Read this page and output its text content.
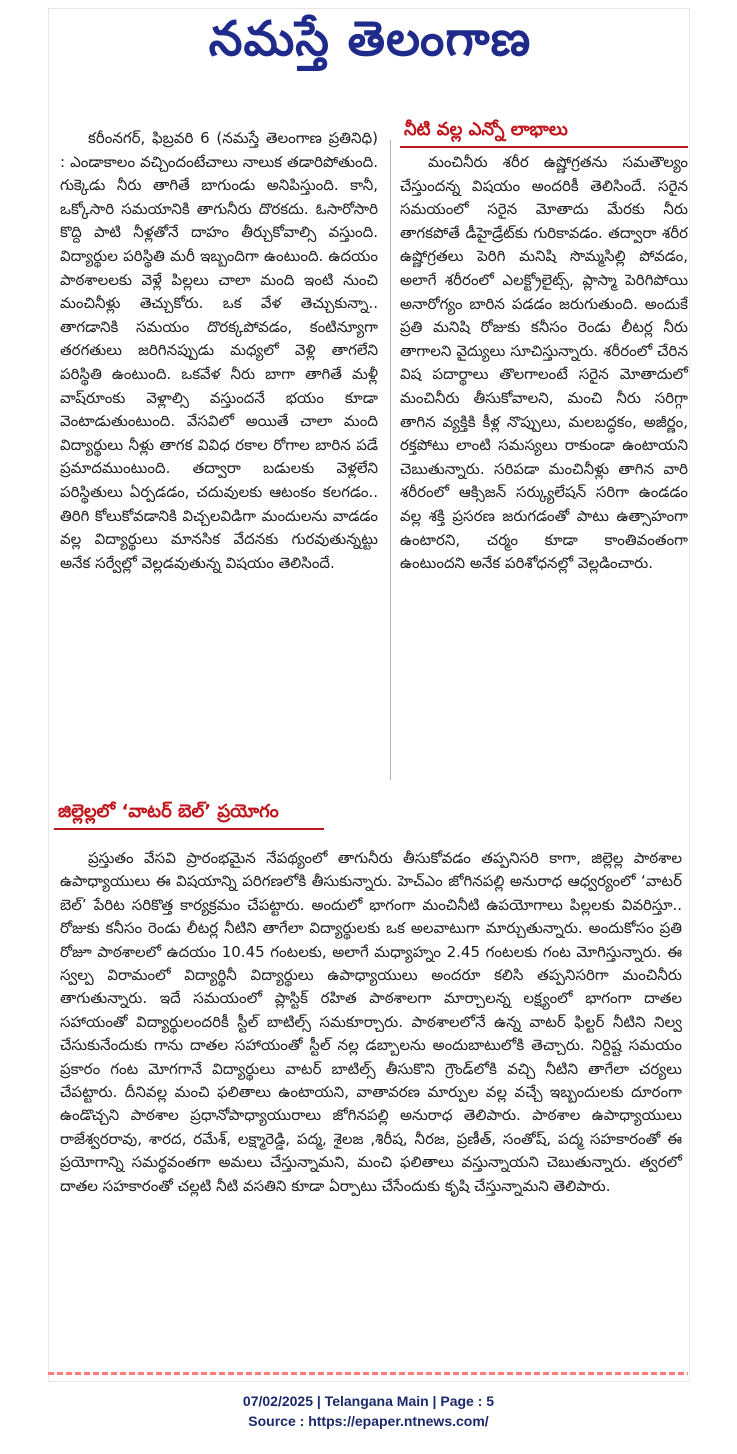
నమస్తే తెలంగాణ
కరీంనగర్, ఫిబ్రవరి 6 (నమస్తే తెలంగాణ ప్రతినిధి) : ఎండాకాలం వచ్చిందంటేచాలు నాలుక తడారిపోతుంది. గుక్కెడు నీరు తాగితే బాగుండు అనిపిస్తుంది. కానీ, ఒక్కోసారి సమయానికి తాగునీరు దొరకదు. ఓసారోసారి కొద్ది పాటి నీళ్లతోనే దాహం తీర్చుకోవాల్సి వస్తుంది. విద్యార్థుల పరిస్థితి మరీ ఇబ్బందిగా ఉంటుంది. ఉదయం పాఠశాలలకు వెళ్లే పిల్లలు చాలా మంది ఇంటి నుంచి మంచినీళ్లు తెచ్చుకోరు. ఒక వేళ తెచ్చుకున్నా.. తాగడానికి సమయం దొరక్కపోవడం, కంటిన్యూగా తరగతులు జరిగినప్పుడు మధ్యలో వెళ్లి తాగలేని పరిస్థితి ఉంటుంది. ఒకవేళ నీరు బాగా తాగితే మళ్లీ వాష్‌రూంకు వెళ్లాల్సి వస్తుందనే భయం కూడా వెంటాడుతుంటుంది. వేసవిలో అయితే చాలా మంది విద్యార్థులు నీళ్లు తాగక వివిధ రకాల రోగాల బారిన పడే ప్రమాదముంటుంది. తద్వారా బడులకు వెళ్లలేని పరిస్థితులు ఏర్పడడం, చదువులకు ఆటంకం కలగడం.. తిరిగి కోలుకోవడానికి విచ్చలవిడిగా మందులను వాడడం వల్ల విద్యార్థులు మానసిక వేదనకు గురవుతున్నట్టు అనేక సర్వేల్లో వెల్లడవుతున్న విషయం తెలిసిందే.
నీటి వల్ల ఎన్నో లాభాలు
మంచినీరు శరీర ఉష్ణోగ్రతను సమతౌల్యం చేస్తుందన్న విషయం అందరికీ తెలిసిందే. సరైన సమయంలో సరైన మోతాదు మేరకు నీరు తాగకపోతే డీహైడ్రేట్‌కు గురికావడం. తద్వారా శరీర ఉష్ణోగ్రతలు పెరిగి మనిషి సొమ్మసిల్లి పోవడం, అలాగే శరీరంలో ఎలక్ట్రోలైట్స్, ప్లాస్మా పెరిగిపోయి అనారోగ్యం బారిన పడడం జరుగుతుంది. అందుకే ప్రతి మనిషి రోజుకు కనీసం రెండు లీటర్ల నీరు తాగాలని వైద్యులు సూచిస్తున్నారు. శరీరంలో చేరిన విష పదార్థాలు తొలగాలంటే సరైన మోతాదులో మంచినీరు తీసుకోవాలని, మంచి నీరు సరిగ్గా తాగిన వ్యక్తికి కీళ్ల నొప్పులు, మలబద్ధకం, అజీర్ణం, రక్తపోటు లాంటి సమస్యలు రాకుండా ఉంటాయని చెబుతున్నారు. సరిపడా మంచినీళ్లు తాగిన వారి శరీరంలో ఆక్సిజన్ సర్క్యులేషన్ సరిగా ఉండడం వల్ల శక్తి ప్రసరణ జరుగడంతో పాటు ఉత్సాహంగా ఉంటారని, చర్మం కూడా కాంతివంతంగా ఉంటుందని అనేక పరిశోధనల్లో వెల్లడించారు.
జిల్లెల్లలో ‘వాటర్ బెల్’ ప్రయోగం
ప్రస్తుతం వేసవి ప్రారంభమైన నేపథ్యంలో తాగునీరు తీసుకోవడం తప్పనిసరి కాగా, జిల్లెల్ల పాఠశాల ఉపాధ్యాయులు ఈ విషయాన్ని పరిగణలోకి తీసుకున్నారు. హెచ్‌ఎం జోగినపల్లి అనురాధ ఆధ్వర్యంలో ‘వాటర్ బెల్’ పేరిట సరికొత్త కార్యక్రమం చేపట్టారు. అందులో భాగంగా మంచినీటి ఉపయోగాలు పిల్లలకు వివరిస్తూ.. రోజుకు కనీసం రెండు లీటర్ల నీటిని తాగేలా విద్యార్థులకు ఒక అలవాటుగా మార్చుతున్నారు. అందుకోసం ప్రతి రోజూ పాఠశాలలో ఉదయం 10.45 గంటలకు, అలాగే మధ్యాహ్నం 2.45 గంటలకు గంట మోగిస్తున్నారు. ఈ స్వల్ప విరామంలో విద్యార్థినీ విద్యార్థులు ఉపాధ్యాయులు అందరూ కలిసి తప్పనిసరిగా మంచినీరు తాగుతున్నారు. ఇదే సమయంలో ప్లాస్టిక్ రహిత పాఠశాలగా మార్చాలన్న లక్ష్యంలో భాగంగా దాతల సహాయంతో విద్యార్థులందరికీ స్టీల్ బాటిల్స్ సమకూర్చారు. పాఠశాలలోనే ఉన్న వాటర్ ఫిల్టర్ నీటిని నిల్వ చేసుకునేందుకు గాను దాతల సహాయంతో స్టీల్ నల్ల డబ్బాలను అందుబాటులోకి తెచ్చారు. నిర్దిష్ట సమయం ప్రకారం గంట మోగగానే విద్యార్థులు వాటర్ బాటిల్స్ తీసుకొని గ్రౌండ్‌లోకి వచ్చి నీటిని తాగేలా చర్యలు చేపట్టారు. దీనివల్ల మంచి ఫలితాలు ఉంటాయని, వాతావరణ మార్పుల వల్ల వచ్చే ఇబ్బందులకు దూరంగా ఉండొచ్చని పాఠశాల ప్రధానోపాధ్యాయురాలు జోగినపల్లి అనురాధ తెలిపారు. పాఠశాల ఉపాధ్యాయులు రాజేశ్వరరావు, శారద, రమేశ్, లక్ష్మారెడ్డి, పద్మ, శైలజ ,శిరీష, నీరజ, ప్రణీత్, సంతోష్, పద్మ సహకారంతో ఈ ప్రయోగాన్ని సమర్థవంతగా అమలు చేస్తున్నామని, మంచి ఫలితాలు వస్తున్నాయని చెబుతున్నారు. త్వరలో దాతల సహకారంతో చల్లటి నీటి వసతిని కూడా ఏర్పాటు చేసేందుకు కృషి చేస్తున్నామని తెలిపారు.
07/02/2025 | Telangana Main | Page : 5
Source : https://epaper.ntnews.com/
